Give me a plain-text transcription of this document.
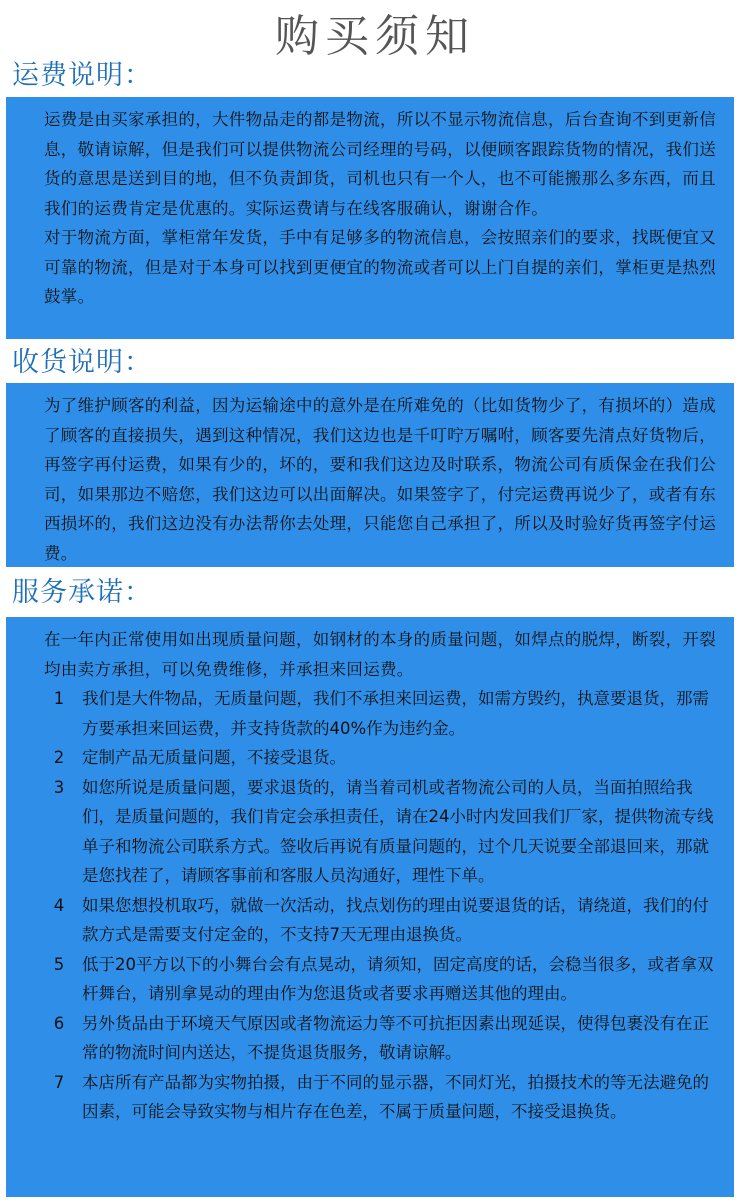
购买须知
运费说明：

运费是由买家承担的，大件物品走的都是物流，所以不显示物流信息，后台查询不到更新信息，敬请谅解，但是我们可以提供物流公司经理的号码，以便顾客跟踪货物的情况，我们送货的意思是送到目的地，但不负责卸货，司机也只有一个人，也不可能搬那么多东西，而且我们的运费肯定是优惠的。实际运费请与在线客服确认，谢谢合作。

对于物流方面，掌柜常年发货，手中有足够多的物流信息，会按照亲们的要求，找既便宜又可靠的物流，但是对于本身可以找到更便宜的物流或者可以上门自提的亲们，掌柜更是热烈鼓掌。

收货说明：

为了维护顾客的利益，因为运输途中的意外是在所难免的（比如货物少了，有损坏的）造成了顾客的直接损失，遇到这种情况，我们这边也是千叮咛万嘱咐，顾客要先清点好货物后，再签字再付运费，如果有少的，坏的，要和我们这边及时联系，物流公司有质保金在我们公司，如果那边不赔您，我们这边可以出面解决。如果签字了，付完运费再说少了，或者有东西损坏的，我们这边没有办法帮你去处理，只能您自己承担了，所以及时验好货再签字付运费。

服务承诺：

在一年内正常使用如出现质量问题，如钢材的本身的质量问题，如焊点的脱焊，断裂，开裂均由卖方承担，可以免费维修，并承担来回运费。

1	我们是大件物品，无质量问题，我们不承担来回运费，如需方毁约，执意要退货，那需方要承担来回运费，并支持货款的40%作为违约金。
2	定制产品无质量问题，不接受退货。
3	如您所说是质量问题，要求退货的，请当着司机或者物流公司的人员，当面拍照给我们，是质量问题的，我们肯定会承担责任，请在24小时内发回我们厂家，提供物流专线单子和物流公司联系方式。签收后再说有质量问题的，过个几天说要全部退回来，那就是您找茬了，请顾客事前和客服人员沟通好，理性下单。
4	如果您想投机取巧，就做一次活动，找点划伤的理由说要退货的话，请绕道，我们的付款方式是需要支付定金的，不支持7天无理由退换货。
5	低于20平方以下的小舞台会有点晃动，请须知，固定高度的话，会稳当很多，或者拿双杆舞台，请别拿晃动的理由作为您退货或者要求再赠送其他的理由。
6	另外货品由于环境天气原因或者物流运力等不可抗拒因素出现延误，使得包裹没有在正常的物流时间内送达，不提货退货服务，敬请谅解。
7	本店所有产品都为实物拍摄，由于不同的显示器，不同灯光，拍摄技术的等无法避免的因素，可能会导致实物与相片存在色差，不属于质量问题，不接受退换货。
